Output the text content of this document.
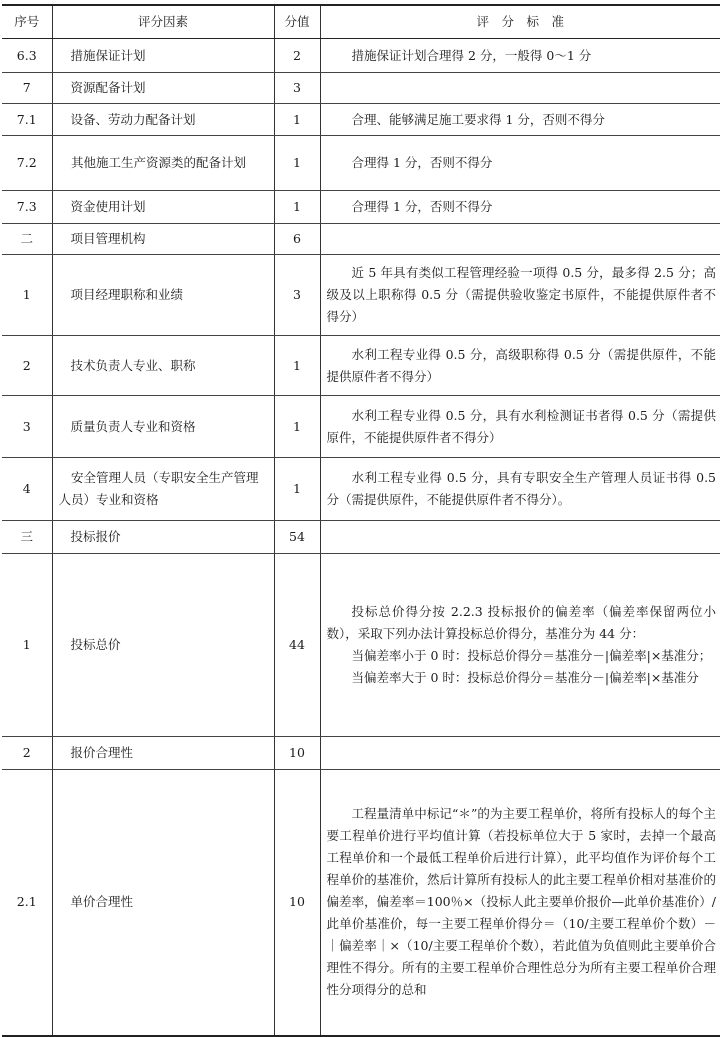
序号	评分因素	分值	评　分　标　准
6.3	措施保证计划	2	措施保证计划合理得 2 分，一般得 0～1 分

7	资源配备计划	3	
7.1	设备、劳动力配备计划	1	合理、能够满足施工要求得 1 分，否则不得分

7.2	其他施工生产资源类的配备计划	1	合理得 1 分，否则不得分

7.3	资金使用计划	1	合理得 1 分，否则不得分

二	项目管理机构	6	
1	项目经理职称和业绩	3	近 5 年具有类似工程管理经验一项得 0.5 分，最多得 2.5 分；高级及以上职称得 0.5 分（需提供验收鉴定书原件，不能提供原件者不得分）

2	技术负责人专业、职称	1	水利工程专业得 0.5 分，高级职称得 0.5 分（需提供原件，不能提供原件者不得分）

3	质量负责人专业和资格	1	水利工程专业得 0.5 分，具有水利检测证书者得 0.5 分（需提供原件，不能提供原件者不得分）

4	安全管理人员（专职安全生产管理人员）专业和资格	1	水利工程专业得 0.5 分，具有专职安全生产管理人员证书得 0.5 分（需提供原件，不能提供原件者不得分）。

三	投标报价	54	
1	投标总价	44	投标总价得分按 2.2.3 投标报价的偏差率（偏差率保留两位小数），采取下列办法计算投标总价得分，基准分为 44 分：
当偏差率小于 0 时：投标总价得分＝基准分－|偏差率|×基准分；
当偏差率大于 0 时：投标总价得分＝基准分－|偏差率|×基准分

2	报价合理性	10	
2.1	单价合理性	10	工程量清单中标记“＊”的为主要工程单价，将所有投标人的每个主要工程单价进行平均值计算（若投标单位大于 5 家时，去掉一个最高工程单价和一个最低工程单价后进行计算），此平均值作为评价每个工程单价的基准价，然后计算所有投标人的此主要工程单价相对基准价的偏差率，偏差率＝100％×（投标人此主要单价报价—此单价基准价）/此单价基准价，每一主要工程单价得分＝（10/主要工程单价个数）－｜偏差率｜×（10/主要工程单价个数），若此值为负值则此主要单价合理性不得分。所有的主要工程单价合理性总分为所有主要工程单价合理性分项得分的总和
